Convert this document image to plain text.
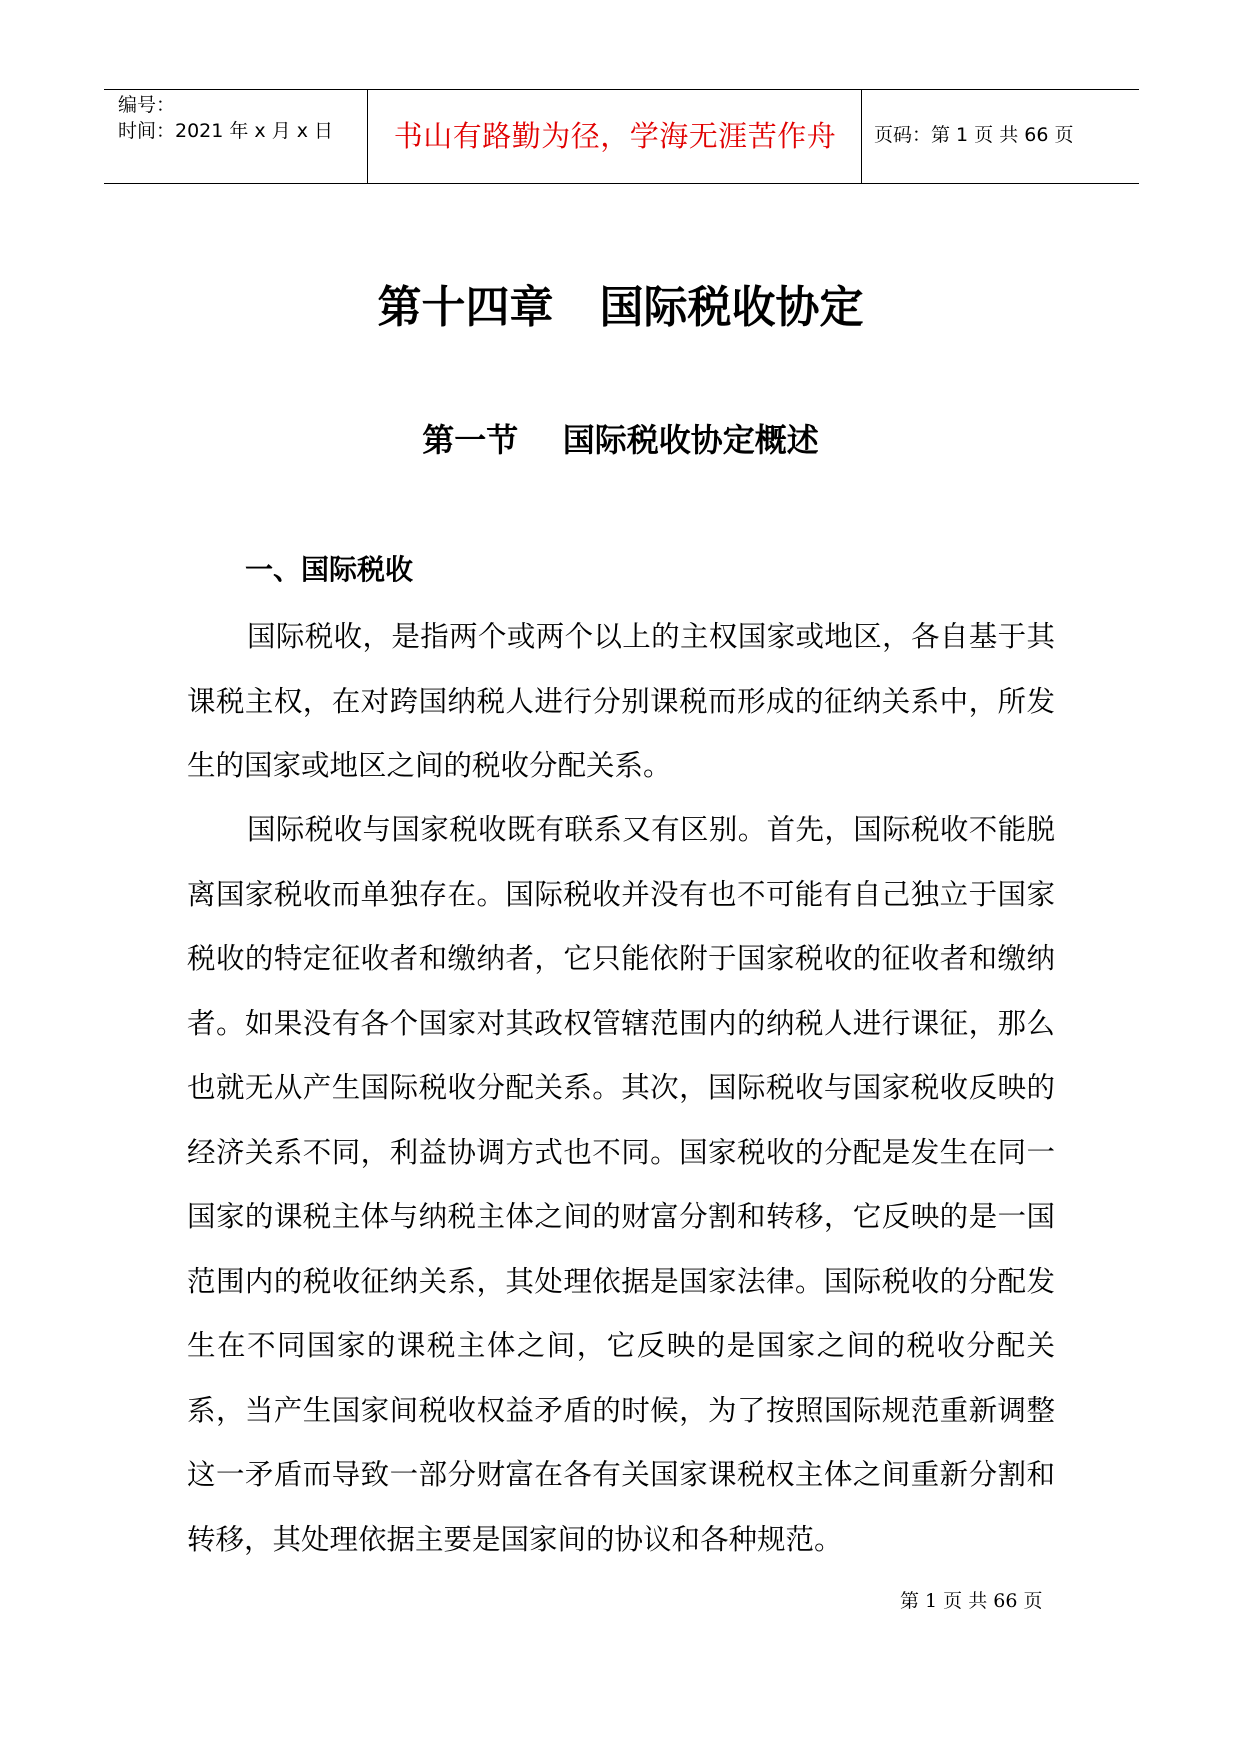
编号：
时间：2021 年 x 月 x 日	书山有路勤为径，学海无涯苦作舟	页码：第 1 页 共 66 页
第十四章   国际税收协定
第一节    国际税收协定概述
一、国际税收

国际税收，是指两个或两个以上的主权国家或地区，各自基于其课税主权，在对跨国纳税人进行分别课税而形成的征纳关系中，所发生的国家或地区之间的税收分配关系。

国际税收与国家税收既有联系又有区别。首先，国际税收不能脱离国家税收而单独存在。国际税收并没有也不可能有自己独立于国家税收的特定征收者和缴纳者，它只能依附于国家税收的征收者和缴纳者。如果没有各个国家对其政权管辖范围内的纳税人进行课征，那么也就无从产生国际税收分配关系。其次，国际税收与国家税收反映的经济关系不同，利益协调方式也不同。国家税收的分配是发生在同一国家的课税主体与纳税主体之间的财富分割和转移，它反映的是一国范围内的税收征纳关系，其处理依据是国家法律。国际税收的分配发生在不同国家的课税主体之间，它反映的是国家之间的税收分配关系，当产生国家间税收权益矛盾的时候，为了按照国际规范重新调整这一矛盾而导致一部分财富在各有关国家课税权主体之间重新分割和转移，其处理依据主要是国家间的协议和各种规范。

第 1 页 共 66 页
